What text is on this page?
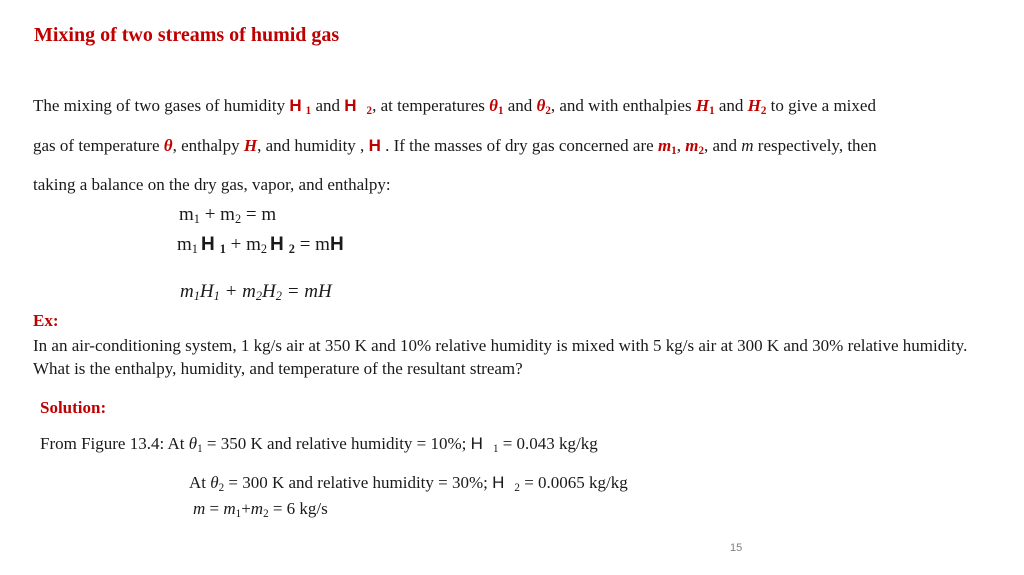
Mixing of two streams of humid gas
The mixing of two gases of humidity H $_1$ and H $_2$, at temperatures $\theta_1$ and $\theta_2$, and with enthalpies $H_1$ and $H_2$ to give a mixed
gas of temperature θ, enthalpy H, and humidity , H . If the masses of dry gas concerned are $m_1$, $m_2$, and m respectively, then
taking a balance on the dry gas, vapor, and enthalpy:
$m_1 + m_2 = m$
$m_1$ H $_1 + m_2$ H $_2$ = mH
$m_1H_1 + m_2H_2$ = mH
Ex:
In an air-conditioning system, 1 kg/s air at 350 K and 10% relative humidity is mixed with 5 kg/s air at 300 K and 30% relative humidity. What is the enthalpy, humidity, and temperature of the resultant stream?
Solution:
From Figure 13.4: At $\theta_1 = 350$ K and relative humidity = 10%; H $_1$ = 0.043 kg/kg
At $\theta_2 = 300$ K and relative humidity = 30%; H $_2$ = 0.0065 kg/kg
$m = m_1+m_2 = 6$ kg/s
15
